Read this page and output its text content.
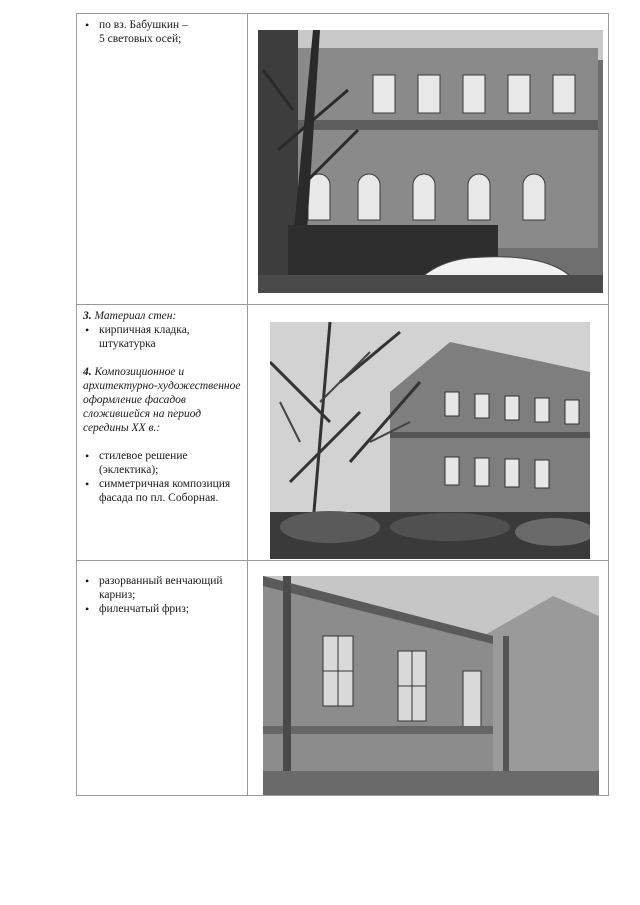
• по вз. Бабушкин –
5 световых осей;
3. Материал стен:
• кирпичная кладка, штукатурка
4. Композиционное и архитектурно-художественное оформление фасадов сложившейся на период середины XX в.:
• стилевое решение (эклектика);
• симметричная композиция фасада по пл. Соборная.
• разорванный венчающий карниз;
• филенчатый фриз;
